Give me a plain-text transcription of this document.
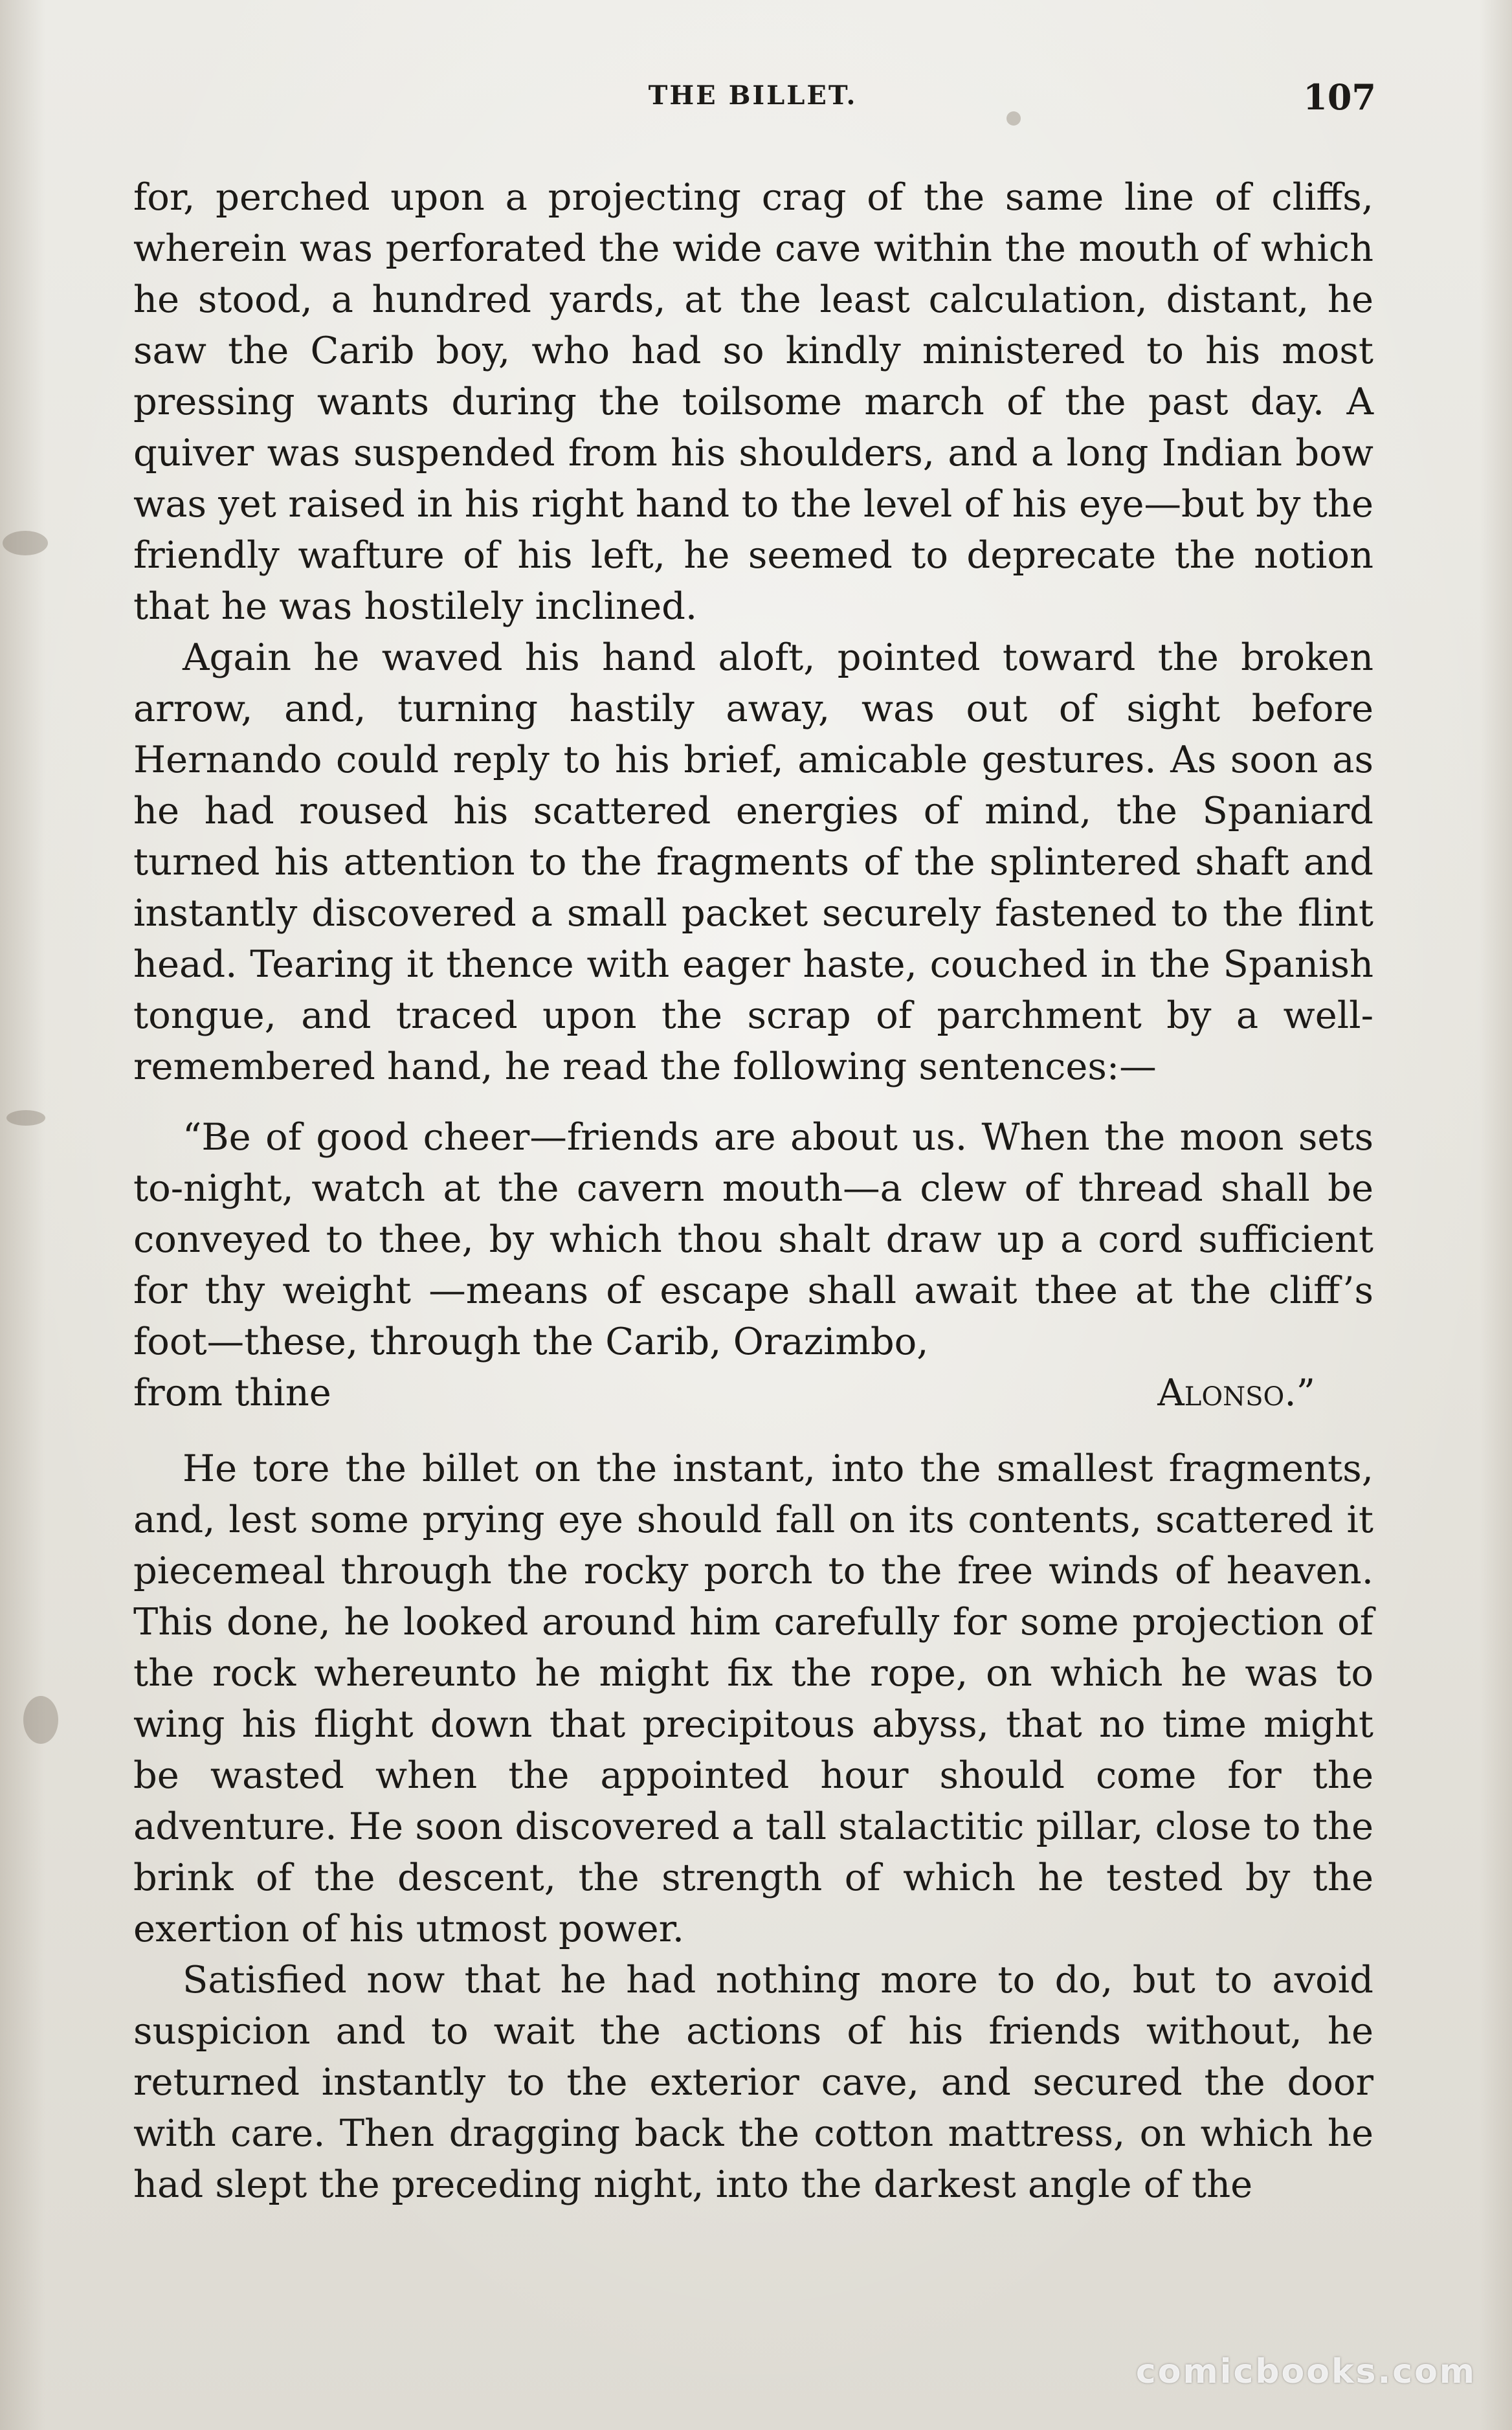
THE BILLET.	107

for, perched upon a projecting crag of the same line of cliffs, wherein was perforated the wide cave within the mouth of which he stood, a hundred yards, at the least calculation, distant, he saw the Carib boy, who had so kindly ministered to his most pressing wants during the toilsome march of the past day. A quiver was suspended from his shoulders, and a long Indian bow was yet raised in his right hand to the level of his eye—but by the friendly wafture of his left, he seemed to deprecate the notion that he was hostilely inclined.

Again he waved his hand aloft, pointed toward the broken arrow, and, turning hastily away, was out of sight before Hernando could reply to his brief, amicable gestures. As soon as he had roused his scattered energies of mind, the Spaniard turned his attention to the fragments of the splintered shaft and instantly discovered a small packet securely fastened to the flint head. Tearing it thence with eager haste, couched in the Spanish tongue, and traced upon the scrap of parchment by a well-remembered hand, he read the following sentences:—

“Be of good cheer—friends are about us. When the moon sets to-night, watch at the cavern mouth—a clew of thread shall be conveyed to thee, by which thou shalt draw up a cord sufficient for thy weight —means of escape shall await thee at the cliff’s foot—these, through the Carib, Orazimbo,
from thine	Alonso.”

He tore the billet on the instant, into the smallest fragments, and, lest some prying eye should fall on its contents, scattered it piecemeal through the rocky porch to the free winds of heaven. This done, he looked around him carefully for some projection of the rock whereunto he might fix the rope, on which he was to wing his flight down that precipitous abyss, that no time might be wasted when the appointed hour should come for the adventure. He soon discovered a tall stalactitic pillar, close to the brink of the descent, the strength of which he tested by the exertion of his utmost power.

Satisfied now that he had nothing more to do, but to avoid suspicion and to wait the actions of his friends without, he returned instantly to the exterior cave, and secured the door with care. Then dragging back the cotton mattress, on which he had slept the preceding night, into the darkest angle of the

comicbooks.com
